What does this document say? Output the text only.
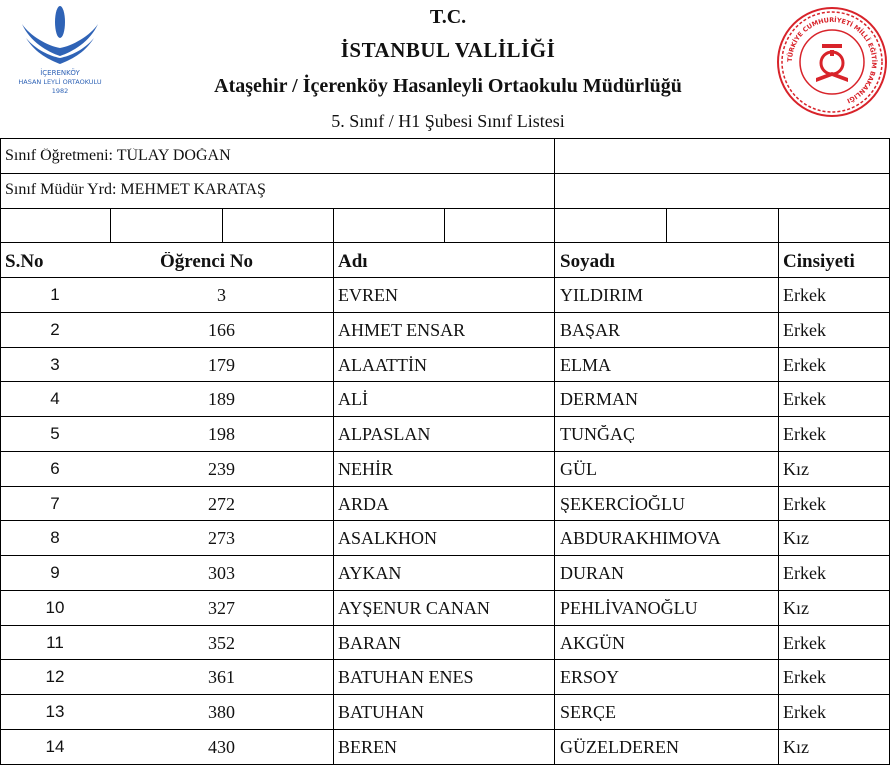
İÇERENKÖY
HASAN LEYLİ ORTAOKULU
1982
T.C.
İSTANBUL VALİLİĞİ
Ataşehir / İçerenköy Hasanleyli Ortaokulu Müdürlüğü
5. Sınıf / H1 Şubesi Sınıf Listesi
TÜRKİYE CUMHURİYETİ MİLLÎ EĞİTİM BAKANLIĞI
Sınıf Öğretmeni: TÜLAY DOĞAN
Sınıf Müdür Yrd: MEHMET KARATAŞ
S.No	Öğrenci No	Adı	Soyadı	Cinsiyeti
1	3	EVREN	YILDIRIM	Erkek
2	166	AHMET ENSAR	BAŞAR	Erkek
3	179	ALAATTİN	ELMA	Erkek
4	189	ALİ	DERMAN	Erkek
5	198	ALPASLAN	TUNĞAÇ	Erkek
6	239	NEHİR	GÜL	Kız
7	272	ARDA	ŞEKERCİOĞLU	Erkek
8	273	ASALKHON	ABDURAKHIMOVA	Kız
9	303	AYKAN	DURAN	Erkek
10	327	AYŞENUR CANAN	PEHLİVANOĞLU	Kız
11	352	BARAN	AKGÜN	Erkek
12	361	BATUHAN ENES	ERSOY	Erkek
13	380	BATUHAN	SERÇE	Erkek
14	430	BEREN	GÜZELDEREN	Kız
